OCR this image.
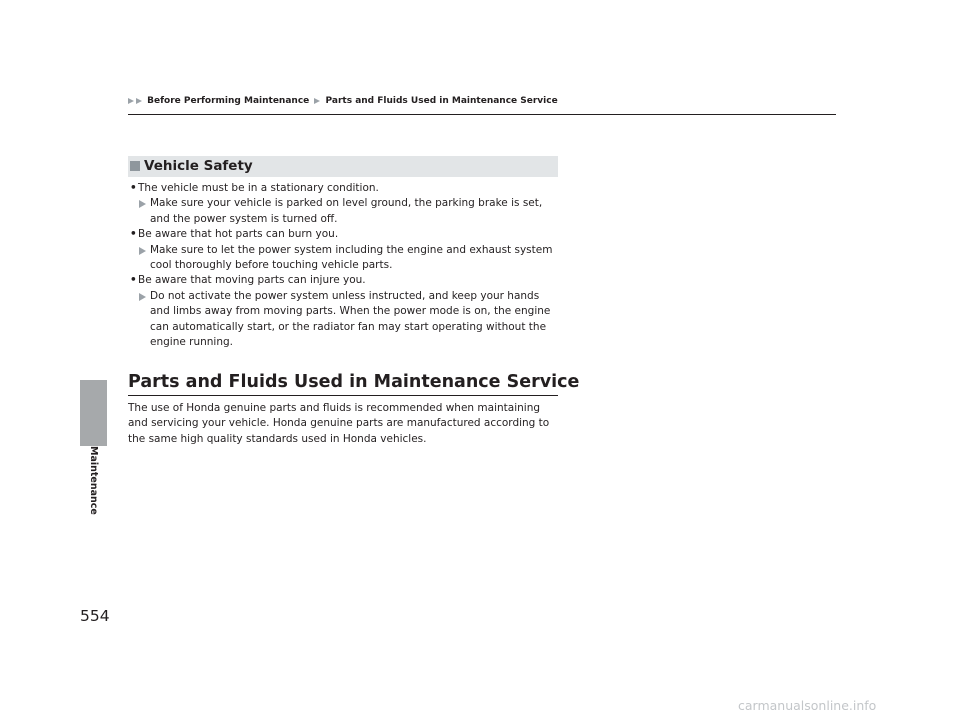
Before Performing Maintenance Parts and Fluids Used in Maintenance Service
Maintenance
Vehicle Safety
• The vehicle must be in a stationary condition.
Make sure your vehicle is parked on level ground, the parking brake is set, and the power system is turned off.
• Be aware that hot parts can burn you.
Make sure to let the power system including the engine and exhaust system cool thoroughly before touching vehicle parts.
• Be aware that moving parts can injure you.
Do not activate the power system unless instructed, and keep your hands and limbs away from moving parts. When the power mode is on, the engine can automatically start, or the radiator fan may start operating without the engine running.
Parts and Fluids Used in Maintenance Service
The use of Honda genuine parts and fluids is recommended when maintaining and servicing your vehicle. Honda genuine parts are manufactured according to the same high quality standards used in Honda vehicles.
554
carmanualsonline.info
